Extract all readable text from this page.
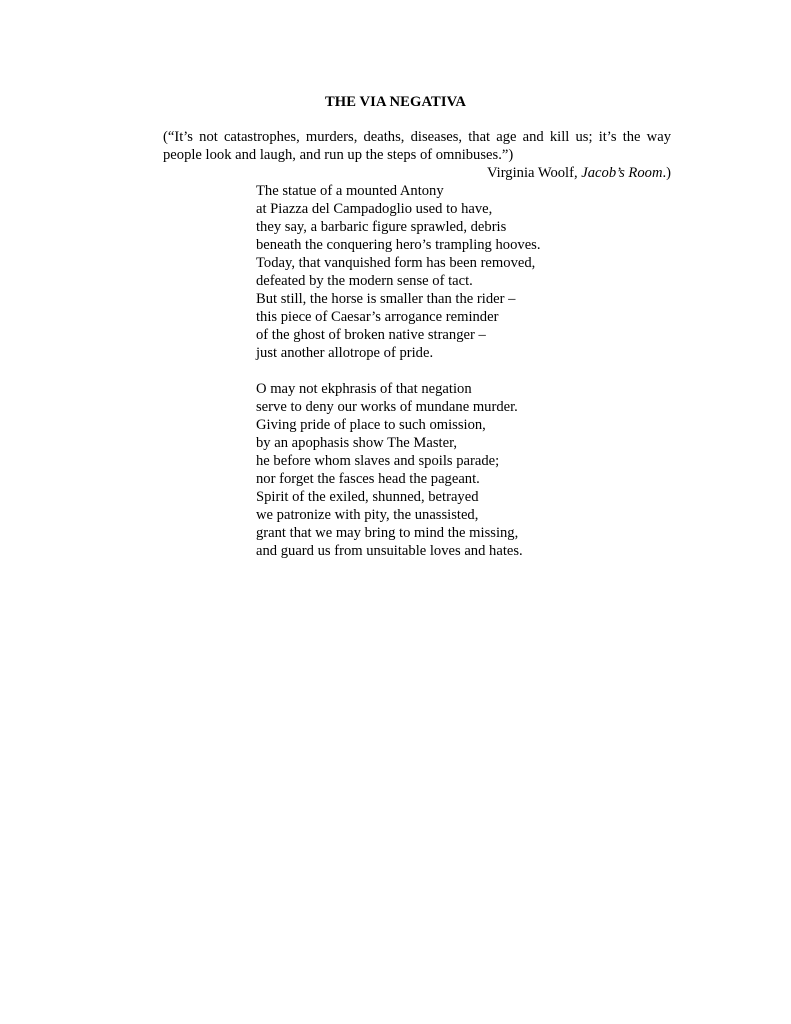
THE VIA NEGATIVA

(“It’s not catastrophes, murders, deaths, diseases, that age and kill us; it’s the way people look and laugh, and run up the steps of omnibuses.”)

Virginia Woolf, Jacob’s Room.)

The statue of a mounted Antony
at Piazza del Campadoglio used to have,
they say, a barbaric figure sprawled, debris
beneath the conquering hero’s trampling hooves.
Today, that vanquished form has been removed,
defeated by the modern sense of tact.
But still, the horse is smaller than the rider –
this piece of Caesar’s arrogance reminder
of the ghost of broken native stranger –
just another allotrope of pride.
O may not ekphrasis of that negation
serve to deny our works of mundane murder.
Giving pride of place to such omission,
by an apophasis show The Master,
he before whom slaves and spoils parade;
nor forget the fasces head the pageant.
Spirit of the exiled, shunned, betrayed
we patronize with pity, the unassisted,
grant that we may bring to mind the missing,
and guard us from unsuitable loves and hates.
